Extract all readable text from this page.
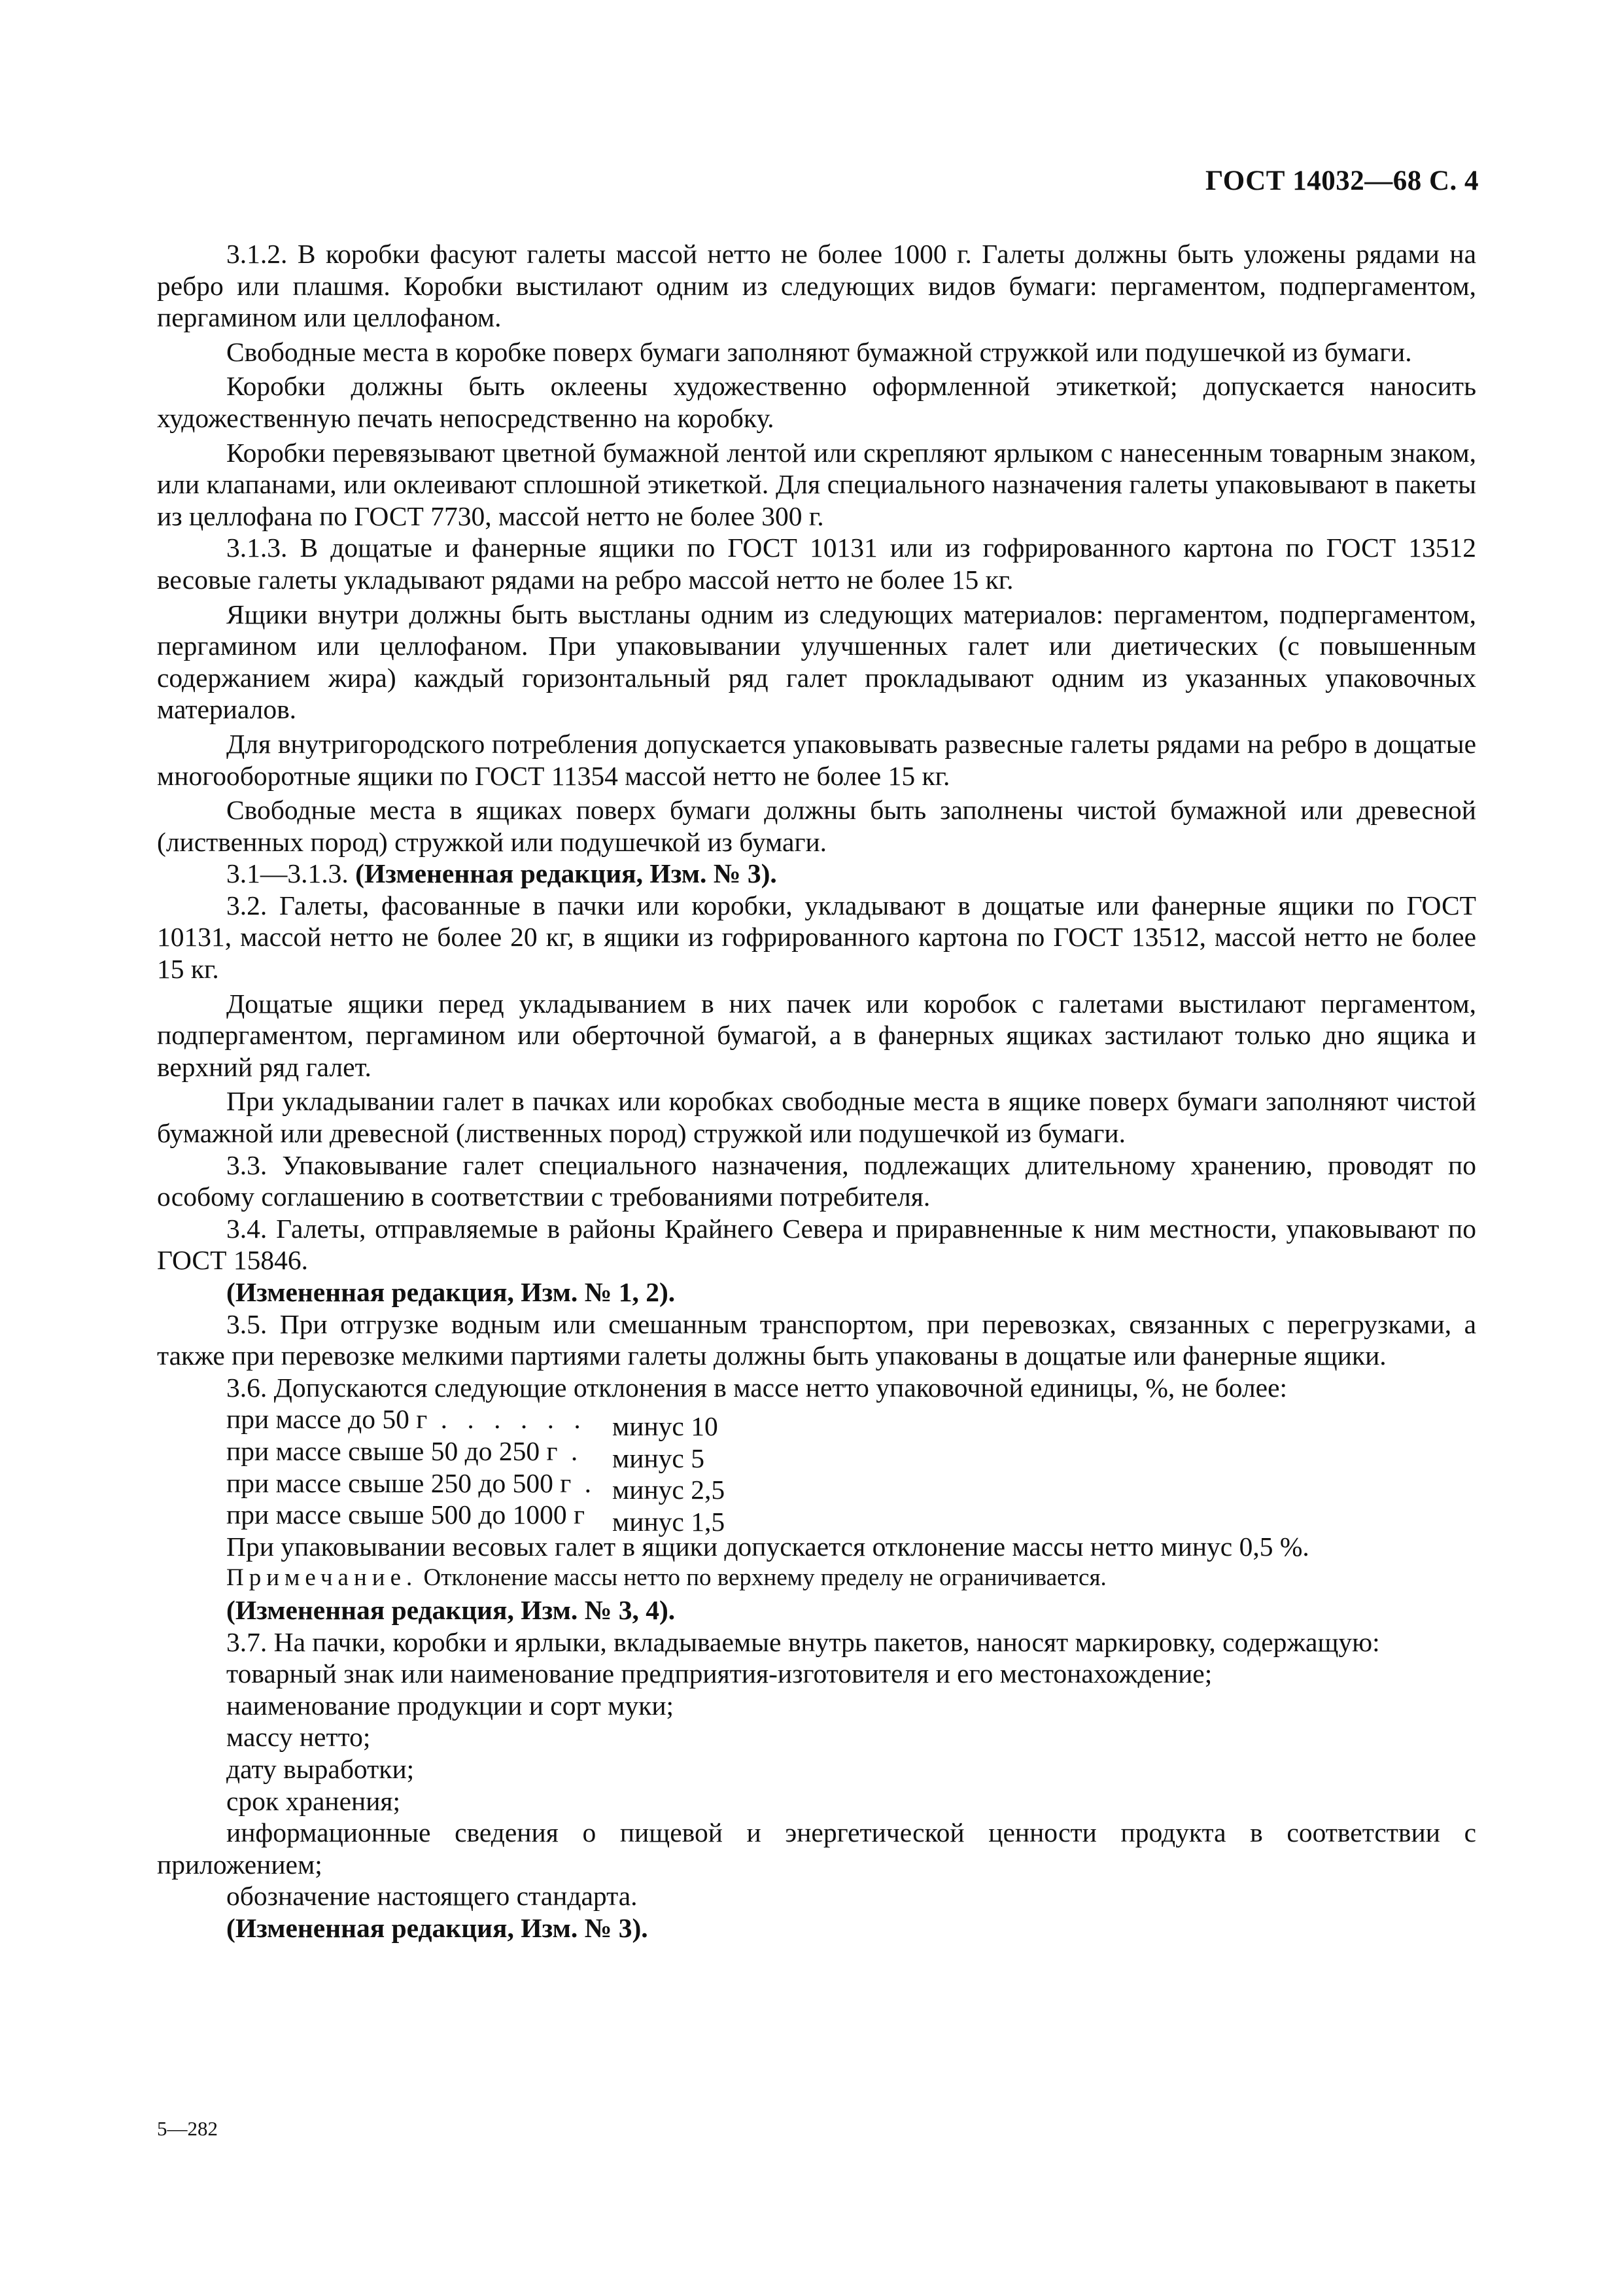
ГОСТ 14032—68 С. 4

3.1.2. В коробки фасуют галеты массой нетто не более 1000 г. Галеты должны быть уложены рядами на ребро или плашмя. Коробки выстилают одним из следующих видов бумаги: пергаментом, подпергаментом, пергамином или целлофаном.

Свободные места в коробке поверх бумаги заполняют бумажной стружкой или подушечкой из бумаги.

Коробки должны быть оклеены художественно оформленной этикеткой; допускается наносить художественную печать непосредственно на коробку.

Коробки перевязывают цветной бумажной лентой или скрепляют ярлыком с нанесенным товарным знаком, или клапанами, или оклеивают сплошной этикеткой. Для специального назначения галеты упаковывают в пакеты из целлофана по ГОСТ 7730, массой нетто не более 300 г.

3.1.3. В дощатые и фанерные ящики по ГОСТ 10131 или из гофрированного картона по ГОСТ 13512 весовые галеты укладывают рядами на ребро массой нетто не более 15 кг.

Ящики внутри должны быть выстланы одним из следующих материалов: пергаментом, подпергаментом, пергамином или целлофаном. При упаковывании улучшенных галет или диетических (с повышенным содержанием жира) каждый горизонтальный ряд галет прокладывают одним из указанных упаковочных материалов.

Для внутригородского потребления допускается упаковывать развесные галеты рядами на ребро в дощатые многооборотные ящики по ГОСТ 11354 массой нетто не более 15 кг.

Свободные места в ящиках поверх бумаги должны быть заполнены чистой бумажной или древесной (лиственных пород) стружкой или подушечкой из бумаги.

3.1—3.1.3. (Измененная редакция, Изм. № 3).

3.2. Галеты, фасованные в пачки или коробки, укладывают в дощатые или фанерные ящики по ГОСТ 10131, массой нетто не более 20 кг, в ящики из гофрированного картона по ГОСТ 13512, массой нетто не более 15 кг.

Дощатые ящики перед укладыванием в них пачек или коробок с галетами выстилают пергаментом, подпергаментом, пергамином или оберточной бумагой, а в фанерных ящиках застилают только дно ящика и верхний ряд галет.

При укладывании галет в пачках или коробках свободные места в ящике поверх бумаги заполняют чистой бумажной или древесной (лиственных пород) стружкой или подушечкой из бумаги.

3.3. Упаковывание галет специального назначения, подлежащих длительному хранению, проводят по особому соглашению в соответствии с требованиями потребителя.

3.4. Галеты, отправляемые в районы Крайнего Севера и приравненные к ним местности, упаковывают по ГОСТ 15846.

(Измененная редакция, Изм. № 1, 2).

3.5. При отгрузке водным или смешанным транспортом, при перевозках, связанных с перегрузками, а также при перевозке мелкими партиями галеты должны быть упакованы в дощатые или фанерные ящики.

3.6. Допускаются следующие отклонения в массе нетто упаковочной единицы, %, не более:

при массе до 50 г . . .	минус 10
при массе свыше 50 до 250 г . . . минус 5
при массе свыше 250 до 500 г . . . минус 2,5
при массе свыше 500 до 1000 г . . . минус 1,5

При упаковывании весовых галет в ящики допускается отклонение массы нетто минус 0,5 %.

Примечание. Отклонение массы нетто по верхнему пределу не ограничивается.

(Измененная редакция, Изм. № 3, 4).

3.7. На пачки, коробки и ярлыки, вкладываемые внутрь пакетов, наносят маркировку, содержащую:

товарный знак или наименование предприятия-изготовителя и его местонахождение;

наименование продукции и сорт муки;

массу нетто;

дату выработки;

срок хранения;

информационные сведения о пищевой и энергетической ценности продукта в соответствии с приложением;

обозначение настоящего стандарта.

(Измененная редакция, Изм. № 3).

5—282
